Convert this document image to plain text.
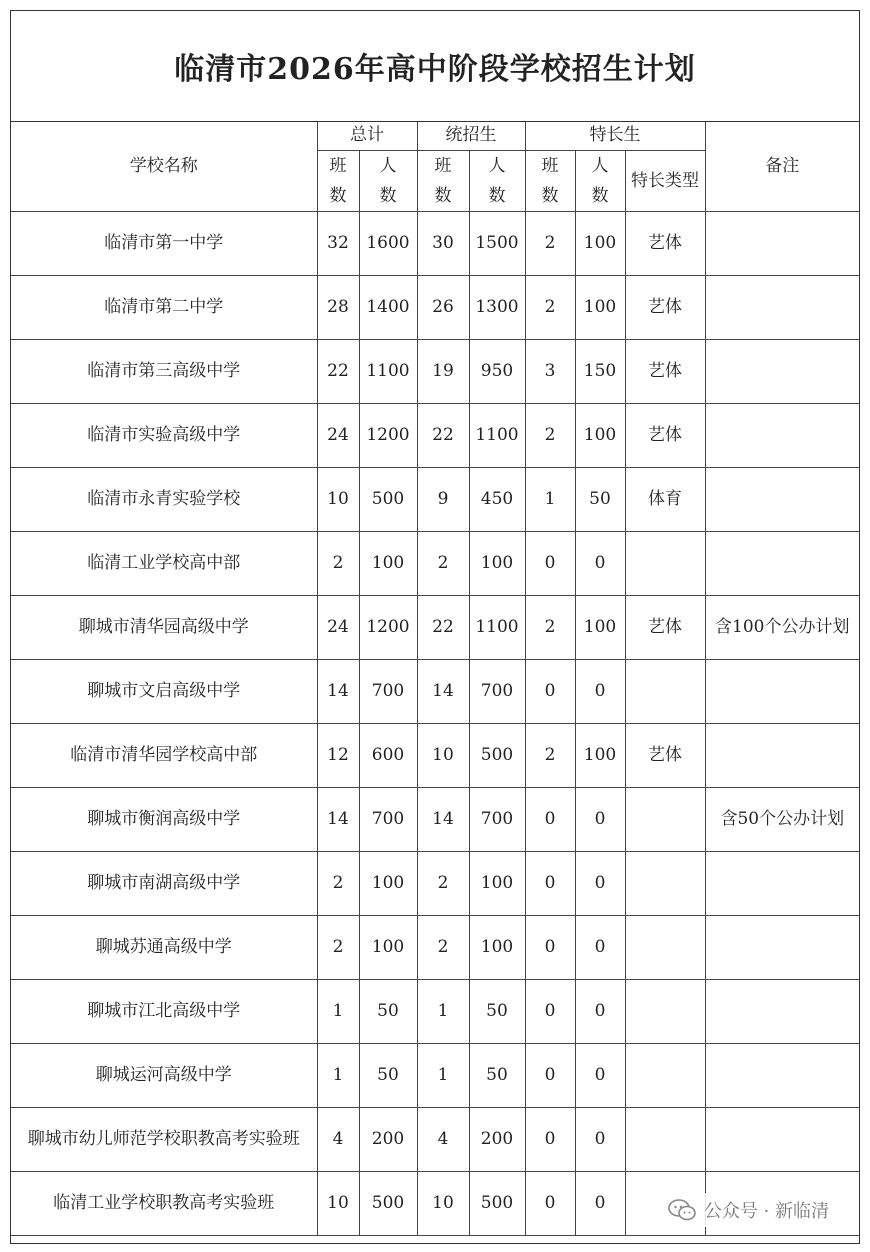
临清市2026年高中阶段学校招生计划
学校名称	总计		统招生		特长生			备注
	班数	人数	班数	人数	班数	人数	特长类型	
临清市第一中学	32	1600	30	1500	2	100	艺体	
临清市第二中学	28	1400	26	1300	2	100	艺体	
临清市第三高级中学	22	1100	19	950	3	150	艺体	
临清市实验高级中学	24	1200	22	1100	2	100	艺体	
临清市永青实验学校	10	500	9	450	1	50	体育	
临清工业学校高中部	2	100	2	100	0	0		
聊城市清华园高级中学	24	1200	22	1100	2	100	艺体	含100个公办计划
聊城市文启高级中学	14	700	14	700	0	0		
临清市清华园学校高中部	12	600	10	500	2	100	艺体	
聊城市衡润高级中学	14	700	14	700	0	0		含50个公办计划
聊城市南湖高级中学	2	100	2	100	0	0		
聊城苏通高级中学	2	100	2	100	0	0		
聊城市江北高级中学	1	50	1	50	0	0		
聊城运河高级中学	1	50	1	50	0	0		
聊城市幼儿师范学校职教高考实验班	4	200	4	200	0	0		
临清工业学校职教高考实验班	10	500	10	500	0	0			公众号 · 新临清
